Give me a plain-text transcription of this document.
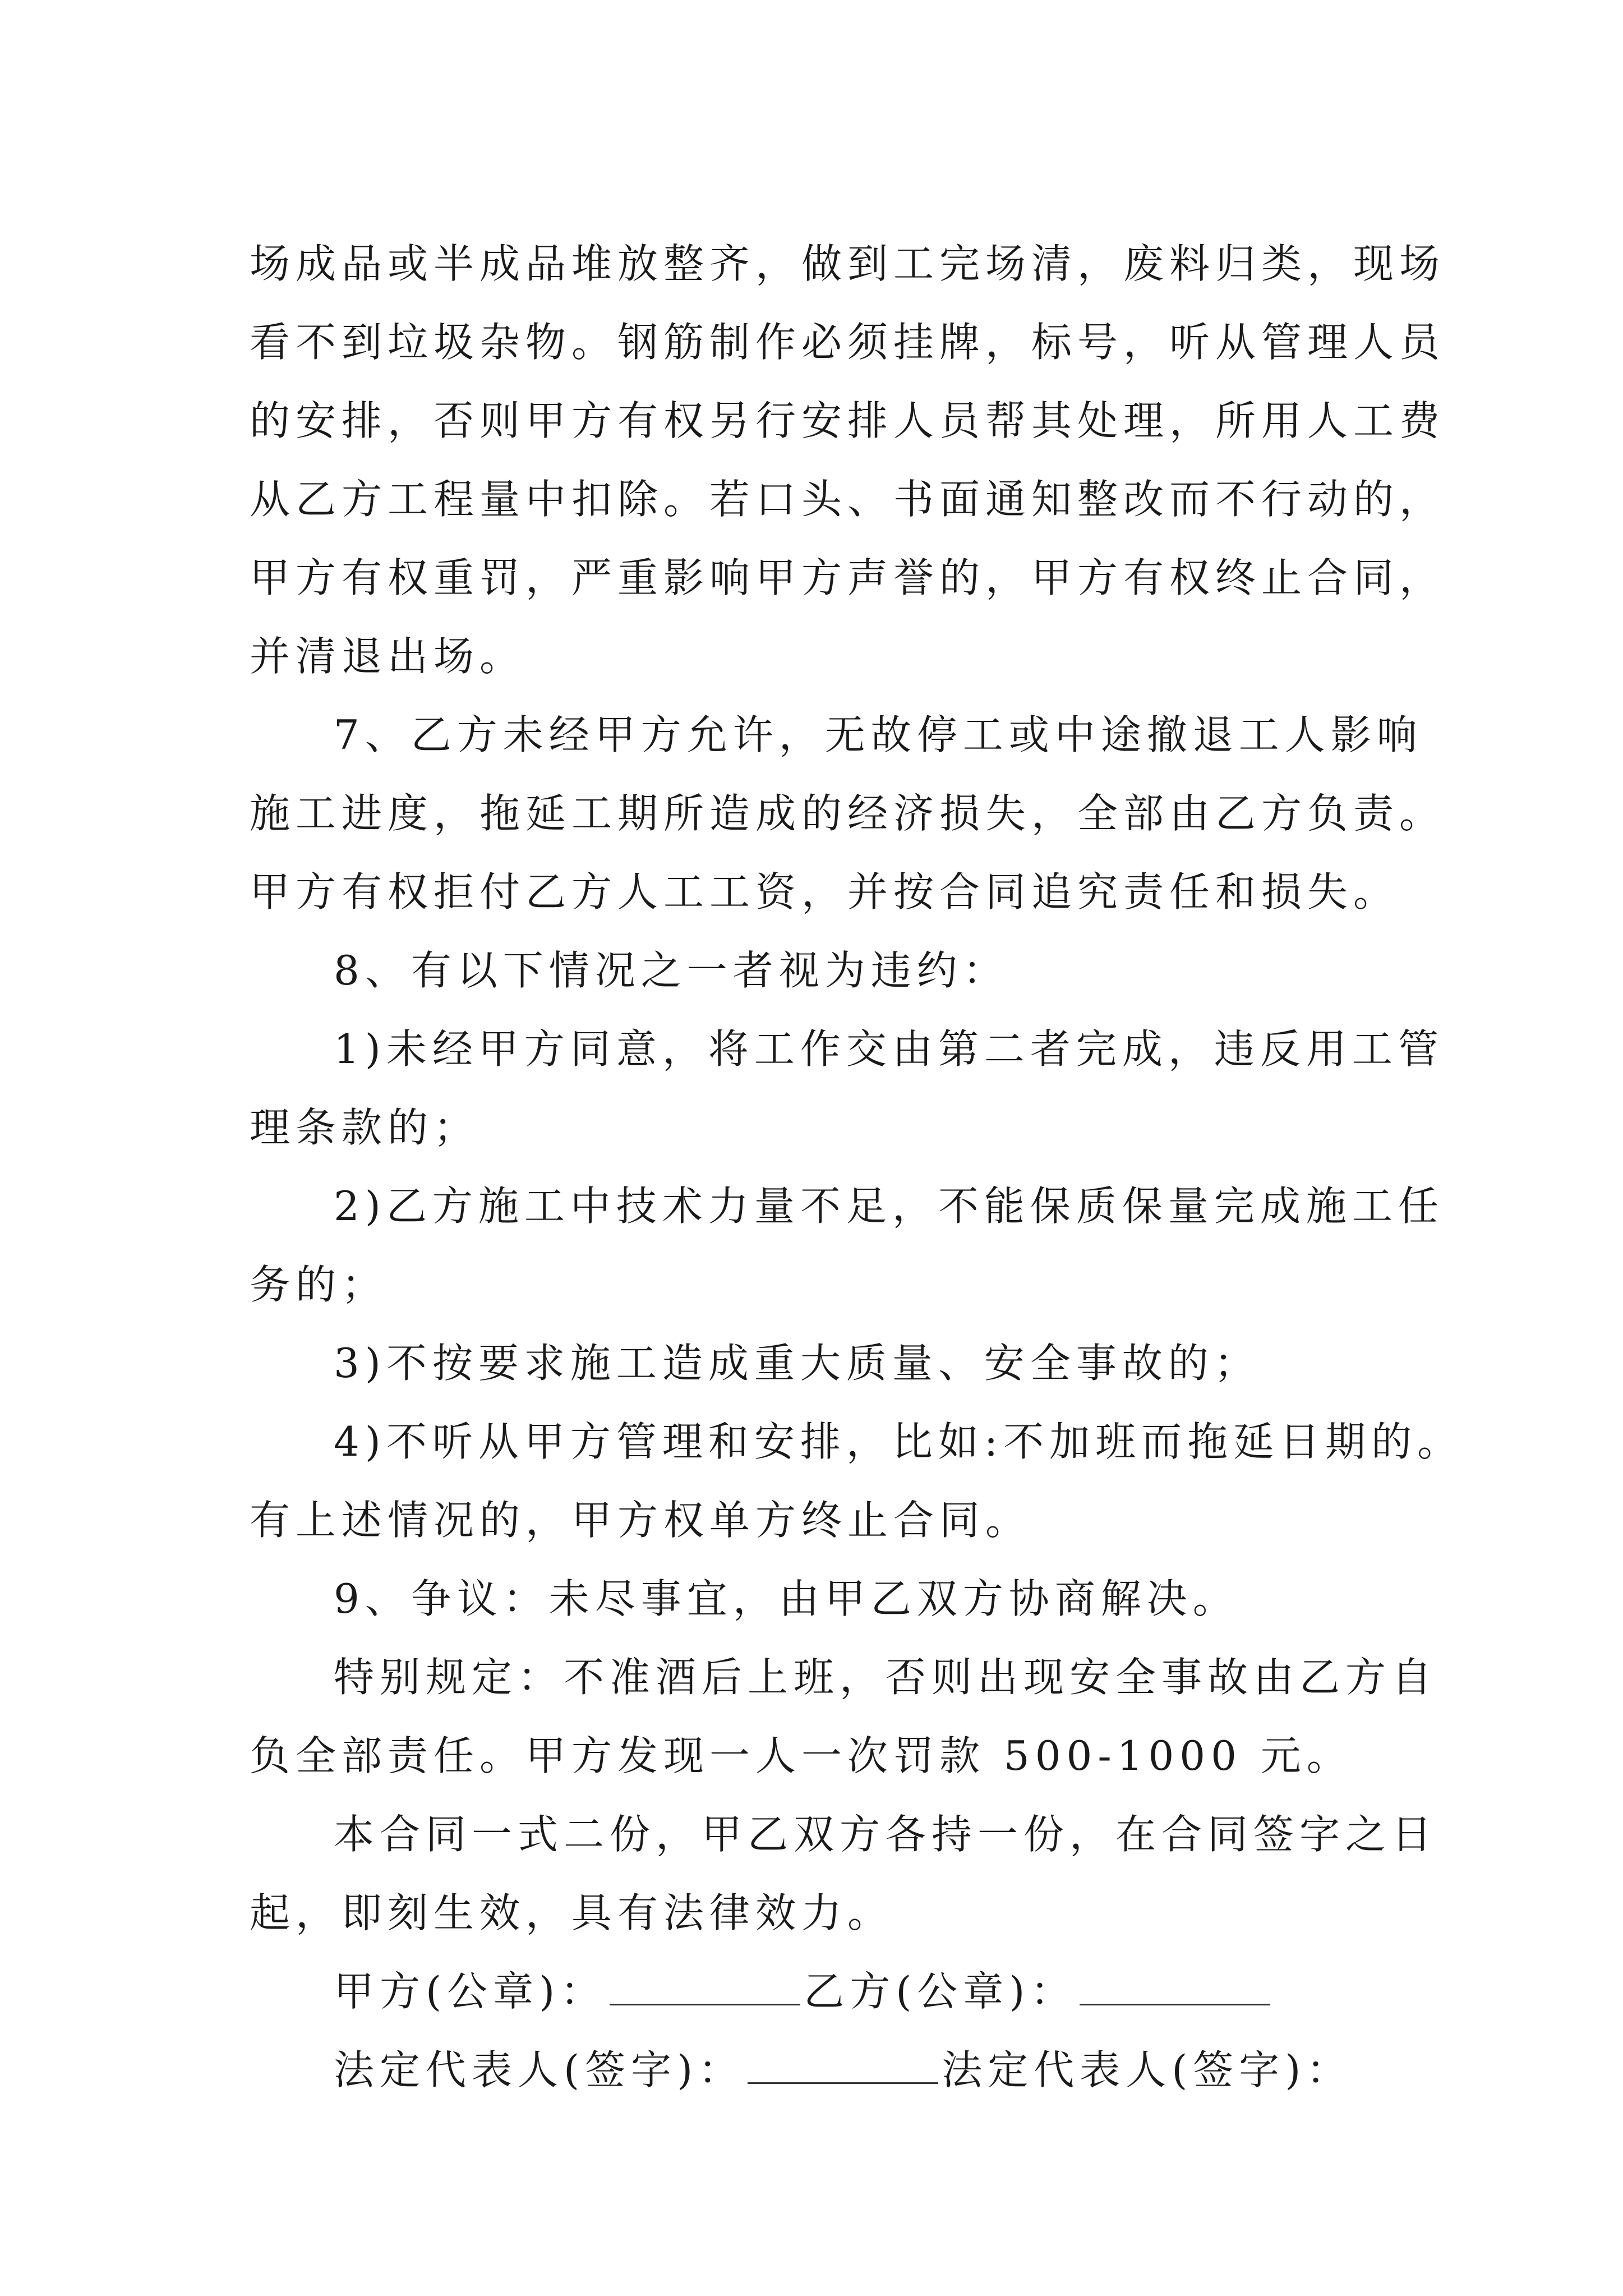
场成品或半成品堆放整齐，做到工完场清，废料归类，现场
看不到垃圾杂物。钢筋制作必须挂牌，标号，听从管理人员
的安排，否则甲方有权另行安排人员帮其处理，所用人工费
从乙方工程量中扣除。若口头、书面通知整改而不行动的，
甲方有权重罚，严重影响甲方声誉的，甲方有权终止合同，
并清退出场。
7、乙方未经甲方允许，无故停工或中途撤退工人影响
施工进度，拖延工期所造成的经济损失，全部由乙方负责。
甲方有权拒付乙方人工工资，并按合同追究责任和损失。
8、有以下情况之一者视为违约：
1)未经甲方同意，将工作交由第二者完成，违反用工管
理条款的；
2)乙方施工中技术力量不足，不能保质保量完成施工任
务的；
3)不按要求施工造成重大质量、安全事故的；
4)不听从甲方管理和安排，比如:不加班而拖延日期的。
有上述情况的，甲方权单方终止合同。
9、争议：未尽事宜，由甲乙双方协商解决。
特别规定：不准酒后上班，否则出现安全事故由乙方自
负全部责任。甲方发现一人一次罚款 500-1000 元。
本合同一式二份，甲乙双方各持一份，在合同签字之日
起，即刻生效，具有法律效力。
甲方(公章)：	乙方(公章)：
法定代表人(签字)：	法定代表人(签字)：
